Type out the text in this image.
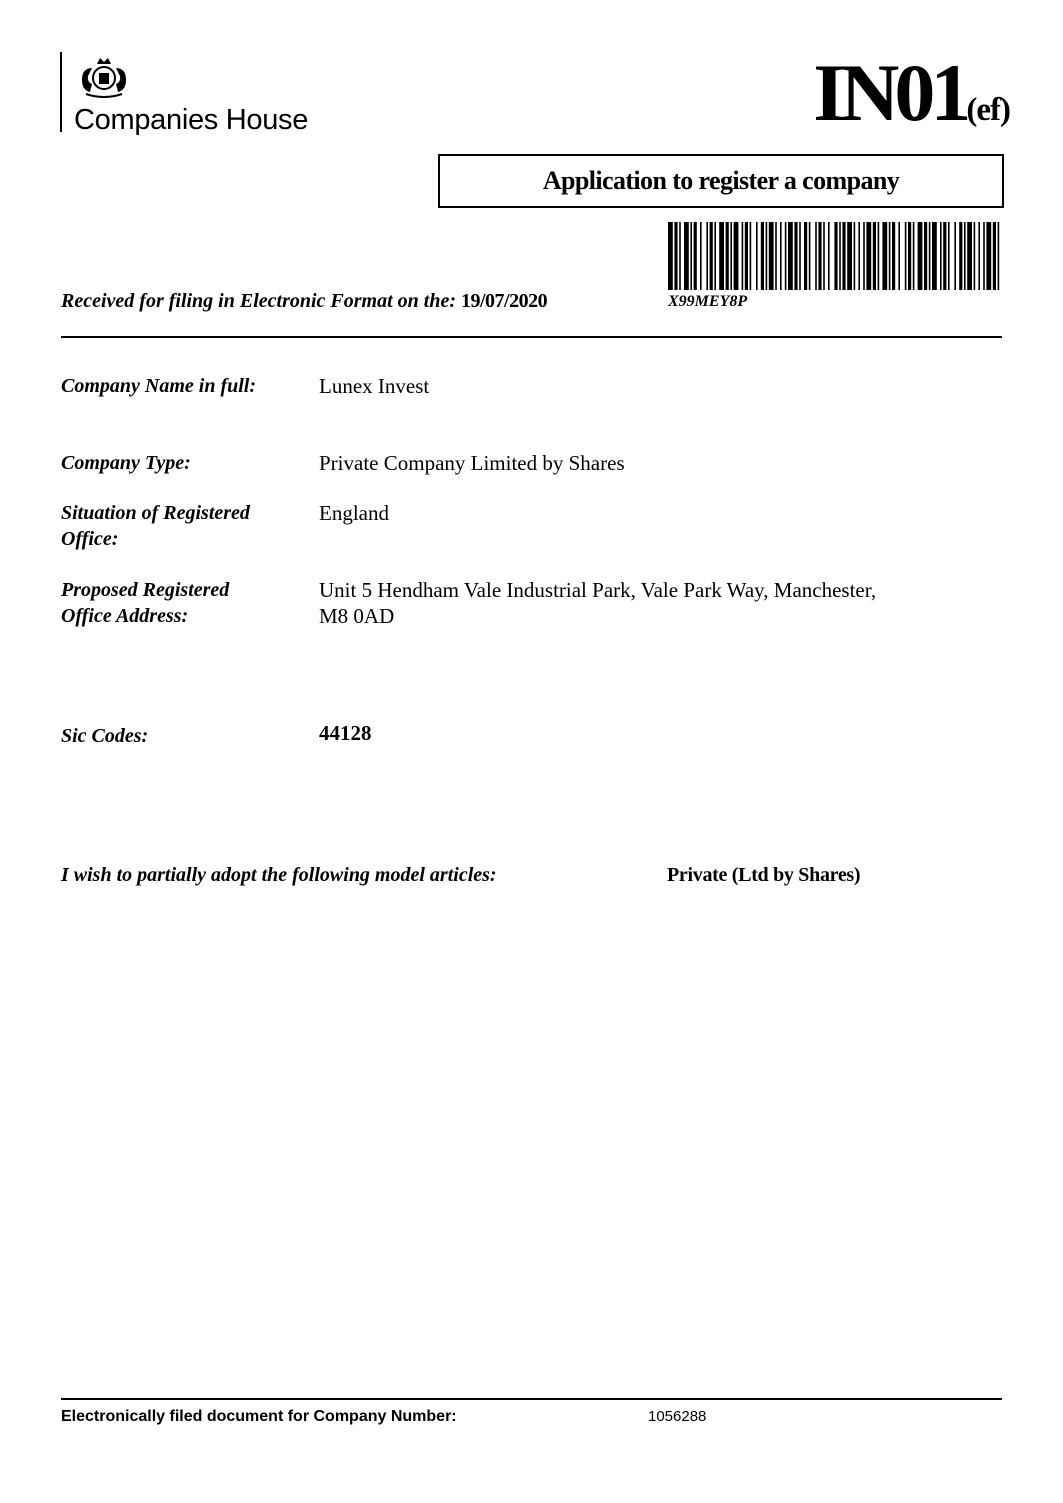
Companies House	IN01(ef)
Application to register a company
X99MEY8P
Received for filing in Electronic Format on the: 19/07/2020
Company Name in full:	Lunex Invest
Company Type:	Private Company Limited by Shares
Situation of Registered Office:
England
Proposed Registered Office Address:
Unit 5 Hendham Vale Industrial Park, Vale Park Way, Manchester, M8 0AD
Sic Codes:	44128
I wish to partially adopt the following model articles:	Private (Ltd by Shares)
Electronically filed document for Company Number:	1056288
